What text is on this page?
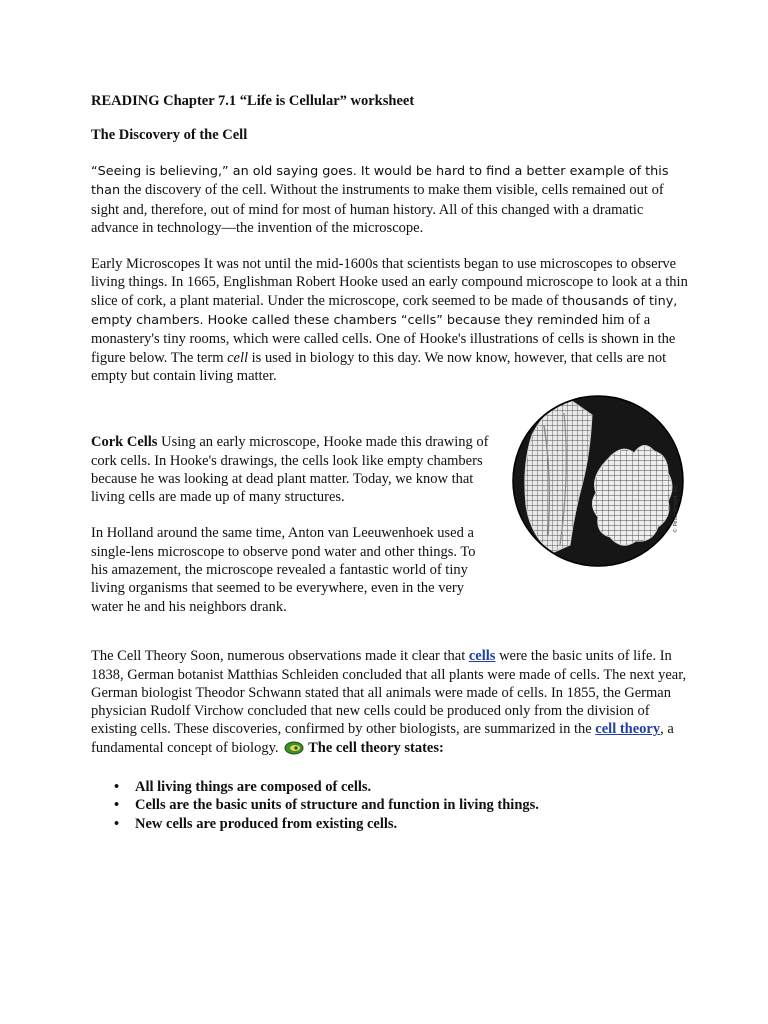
READING Chapter 7.1 “Life is Cellular” worksheet
The Discovery of the Cell

“Seeing is believing,” an old saying goes. It would be hard to find a better example of this than the discovery of the cell. Without the instruments to make them visible, cells remained out of sight and, therefore, out of mind for most of human history. All of this changed with a dramatic advance in technology—the invention of the microscope.

Early Microscopes It was not until the mid-1600s that scientists began to use microscopes to observe living things. In 1665, Englishman Robert Hooke used an early compound microscope to look at a thin slice of cork, a plant material. Under the microscope, cork seemed to be made of thousands of tiny, empty chambers. Hooke called these chambers “cells” because they reminded him of a monastery's tiny rooms, which were called cells. One of Hooke's illustrations of cells is shown in the figure below. The term cell is used in biology to this day. We now know, however, that cells are not empty but contain living matter.

Cork Cells Using an early microscope, Hooke made this drawing of cork cells. In Hooke's drawings, the cells look like empty chambers because he was looking at dead plant matter. Today, we know that living cells are made up of many structures.

In Holland around the same time, Anton van Leeuwenhoek used a single-lens microscope to observe pond water and other things. To his amazement, the microscope revealed a fantastic world of tiny living organisms that seemed to be everywhere, even in the very water he and his neighbors drank.

© Peter Arnold, Inc.

The Cell Theory Soon, numerous observations made it clear that cells were the basic units of life. In 1838, German botanist Matthias Schleiden concluded that all plants were made of cells. The next year, German biologist Theodor Schwann stated that all animals were made of cells. In 1855, the German physician Rudolf Virchow concluded that new cells could be produced only from the division of existing cells. These discoveries, confirmed by other biologists, are summarized in the cell theory, a fundamental concept of biology. The cell theory states:

• All living things are composed of cells.
• Cells are the basic units of structure and function in living things.
• New cells are produced from existing cells.
